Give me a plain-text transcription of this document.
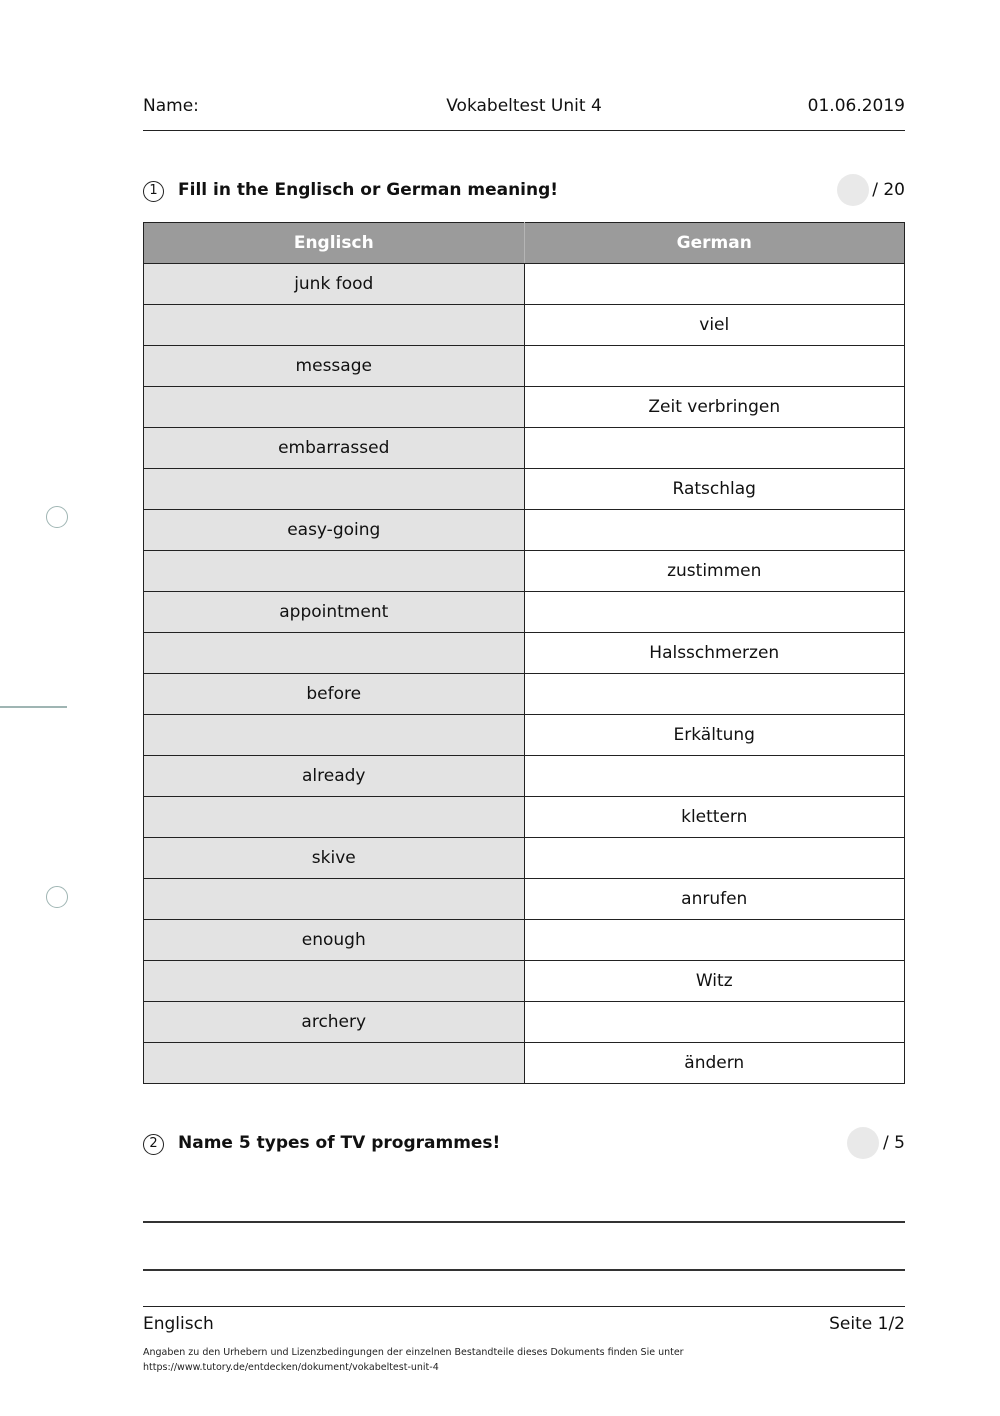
Name:	Vokabeltest Unit 4	01.06.2019
1	Fill in the Englisch or German meaning!	/ 20
Englisch	German
junk food	
	viel
message	
	Zeit verbringen
embarrassed	
	Ratschlag
easy-going	
	zustimmen
appointment	
	Halsschmerzen
before	
	Erkältung
already	
	klettern
skive	
	anrufen
enough	
	Witz
archery	
	ändern
2	Name 5 types of TV programmes!	/ 5
Englisch	Seite 1/2
Angaben zu den Urhebern und Lizenzbedingungen der einzelnen Bestandteile dieses Dokuments finden Sie unter
https://www.tutory.de/entdecken/dokument/vokabeltest-unit-4
